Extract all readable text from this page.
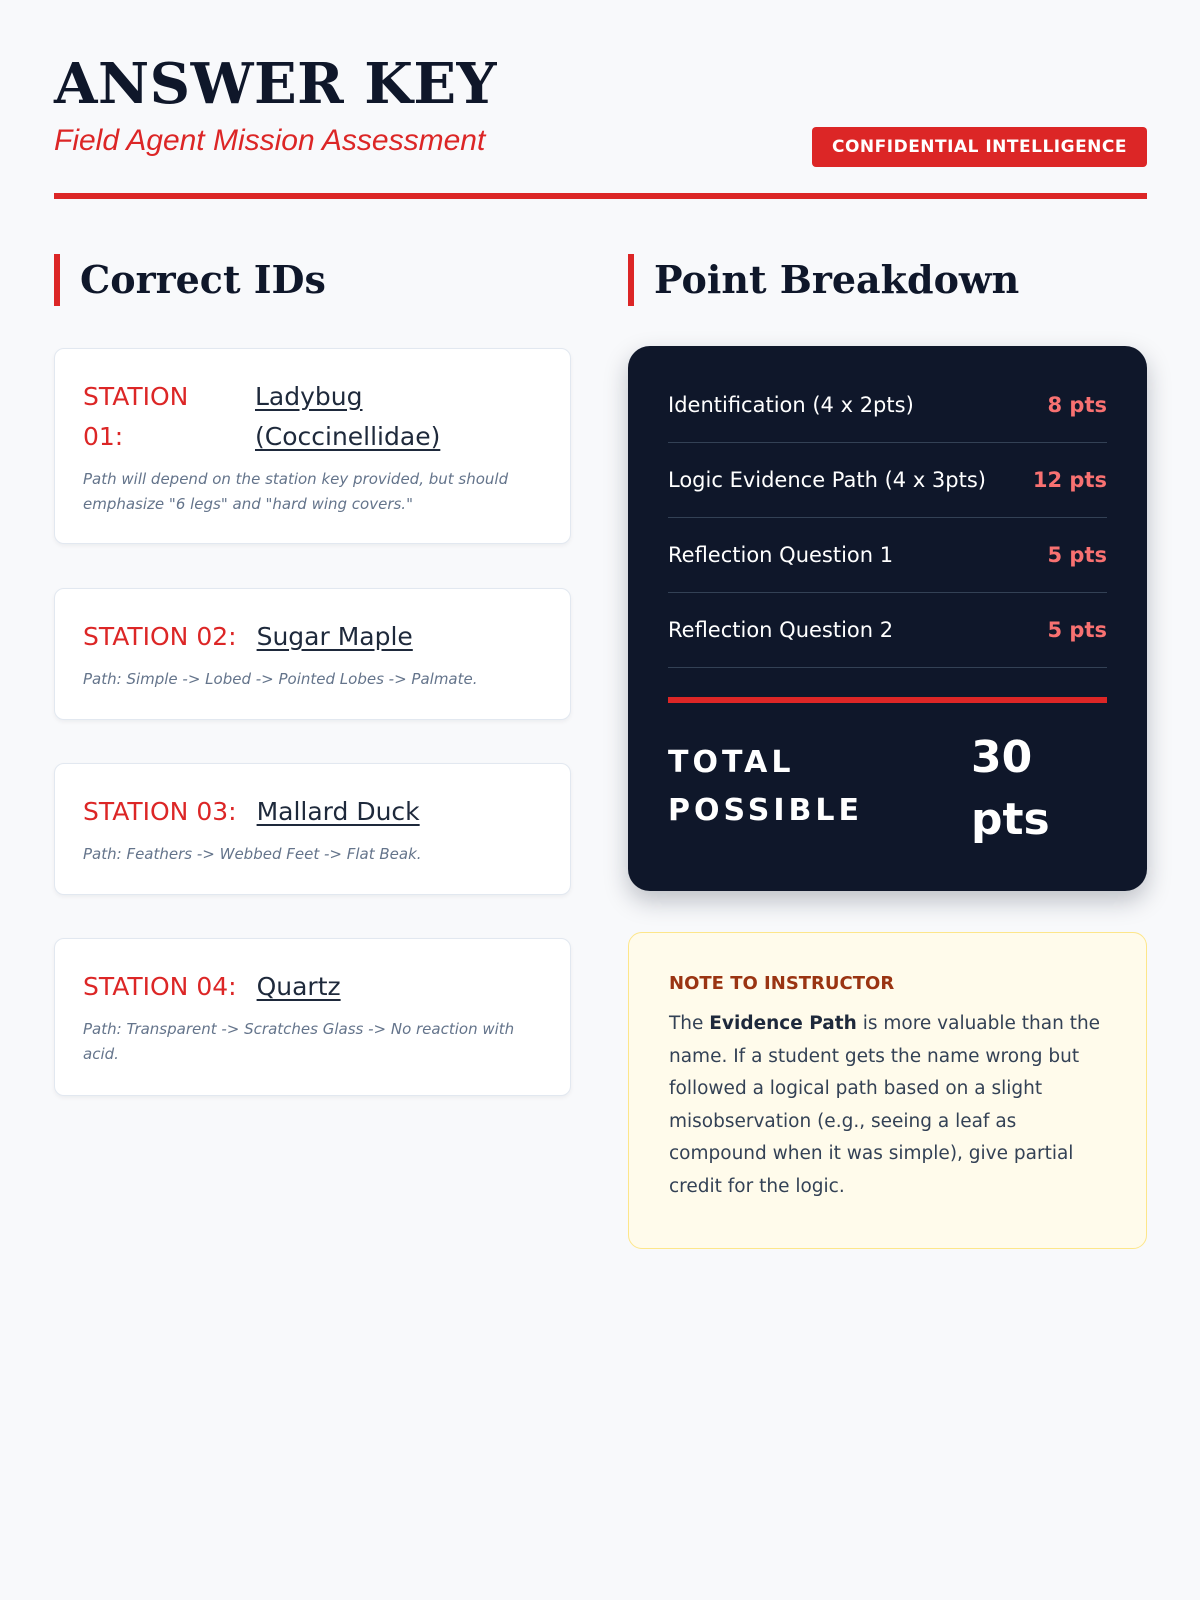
ANSWER KEY
Field Agent Mission Assessment	CONFIDENTIAL INTELLIGENCE
Correct IDs
STATION 01:
Ladybug (Coccinellidae)
Path will depend on the station key provided, but should emphasize "6 legs" and "hard wing covers."
STATION 02: Sugar Maple
Path: Simple -> Lobed -> Pointed Lobes -> Palmate.
STATION 03: Mallard Duck
Path: Feathers -> Webbed Feet -> Flat Beak.
STATION 04: Quartz
Path: Transparent -> Scratches Glass -> No reaction with acid.
Point Breakdown
Identification (4 x 2pts)	8 pts
Logic Evidence Path (4 x 3pts) 12 pts
Reflection Question 1	5 pts
Reflection Question 2	5 pts
TOTAL POSSIBLE
30 pts
NOTE TO INSTRUCTOR
The Evidence Path is more valuable than the name. If a student gets the name wrong but followed a logical path based on a slight misobservation (e.g., seeing a leaf as compound when it was simple), give partial credit for the logic.
